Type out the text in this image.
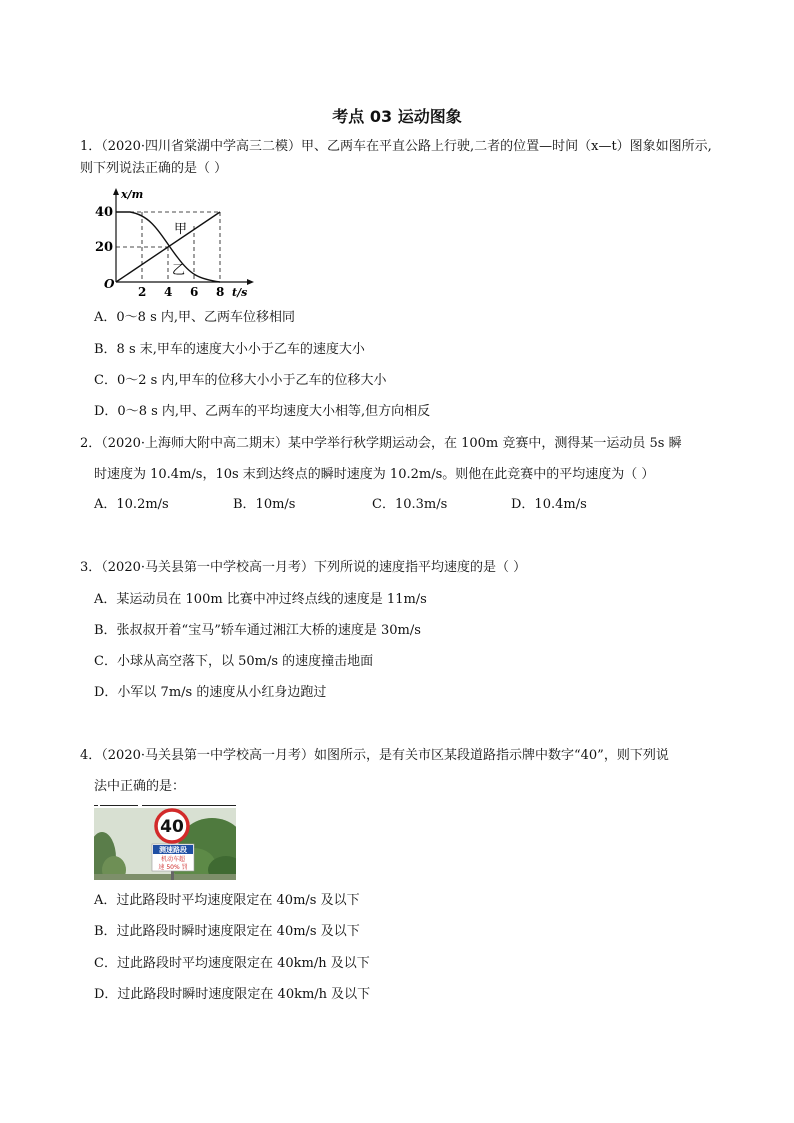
考点 03 运动图象
1．（2020·四川省棠湖中学高三二模）甲、乙两车在平直公路上行驶,二者的位置—时间（x—t）图象如图所示,则下列说法正确的是（ ）
x/m
40
20
O
2 4 6 8 t/s
甲
乙
A．0～8 s 内,甲、乙两车位移相同
B．8 s 末,甲车的速度大小小于乙车的速度大小
C．0～2 s 内,甲车的位移大小小于乙车的位移大小
D．0～8 s 内,甲、乙两车的平均速度大小相等,但方向相反
2．（2020·上海师大附中高二期末）某中学举行秋学期运动会，在 100m 竞赛中，测得某一运动员 5s 瞬
时速度为 10.4m/s，10s 末到达终点的瞬时速度为 10.2m/s。则他在此竞赛中的平均速度为（ ）
A．10.2m/s	B．10m/s	C．10.3m/s	D．10.4m/s
3．（2020·马关县第一中学校高一月考）下列所说的速度指平均速度的是（ ）
A．某运动员在 100m 比赛中冲过终点线的速度是 11m/s
B．张叔叔开着“宝马”轿车通过湘江大桥的速度是 30m/s
C．小球从高空落下，以 50m/s 的速度撞击地面
D．小军以 7m/s 的速度从小红身边跑过
4．（2020·马关县第一中学校高一月考）如图所示，是有关市区某段道路指示牌中数字“40”，则下列说
法中正确的是：
40
测速路段
机动车超
速 50% 罚
A．过此路段时平均速度限定在 40m/s 及以下
B．过此路段时瞬时速度限定在 40m/s 及以下
C．过此路段时平均速度限定在 40km/h 及以下
D．过此路段时瞬时速度限定在 40km/h 及以下
